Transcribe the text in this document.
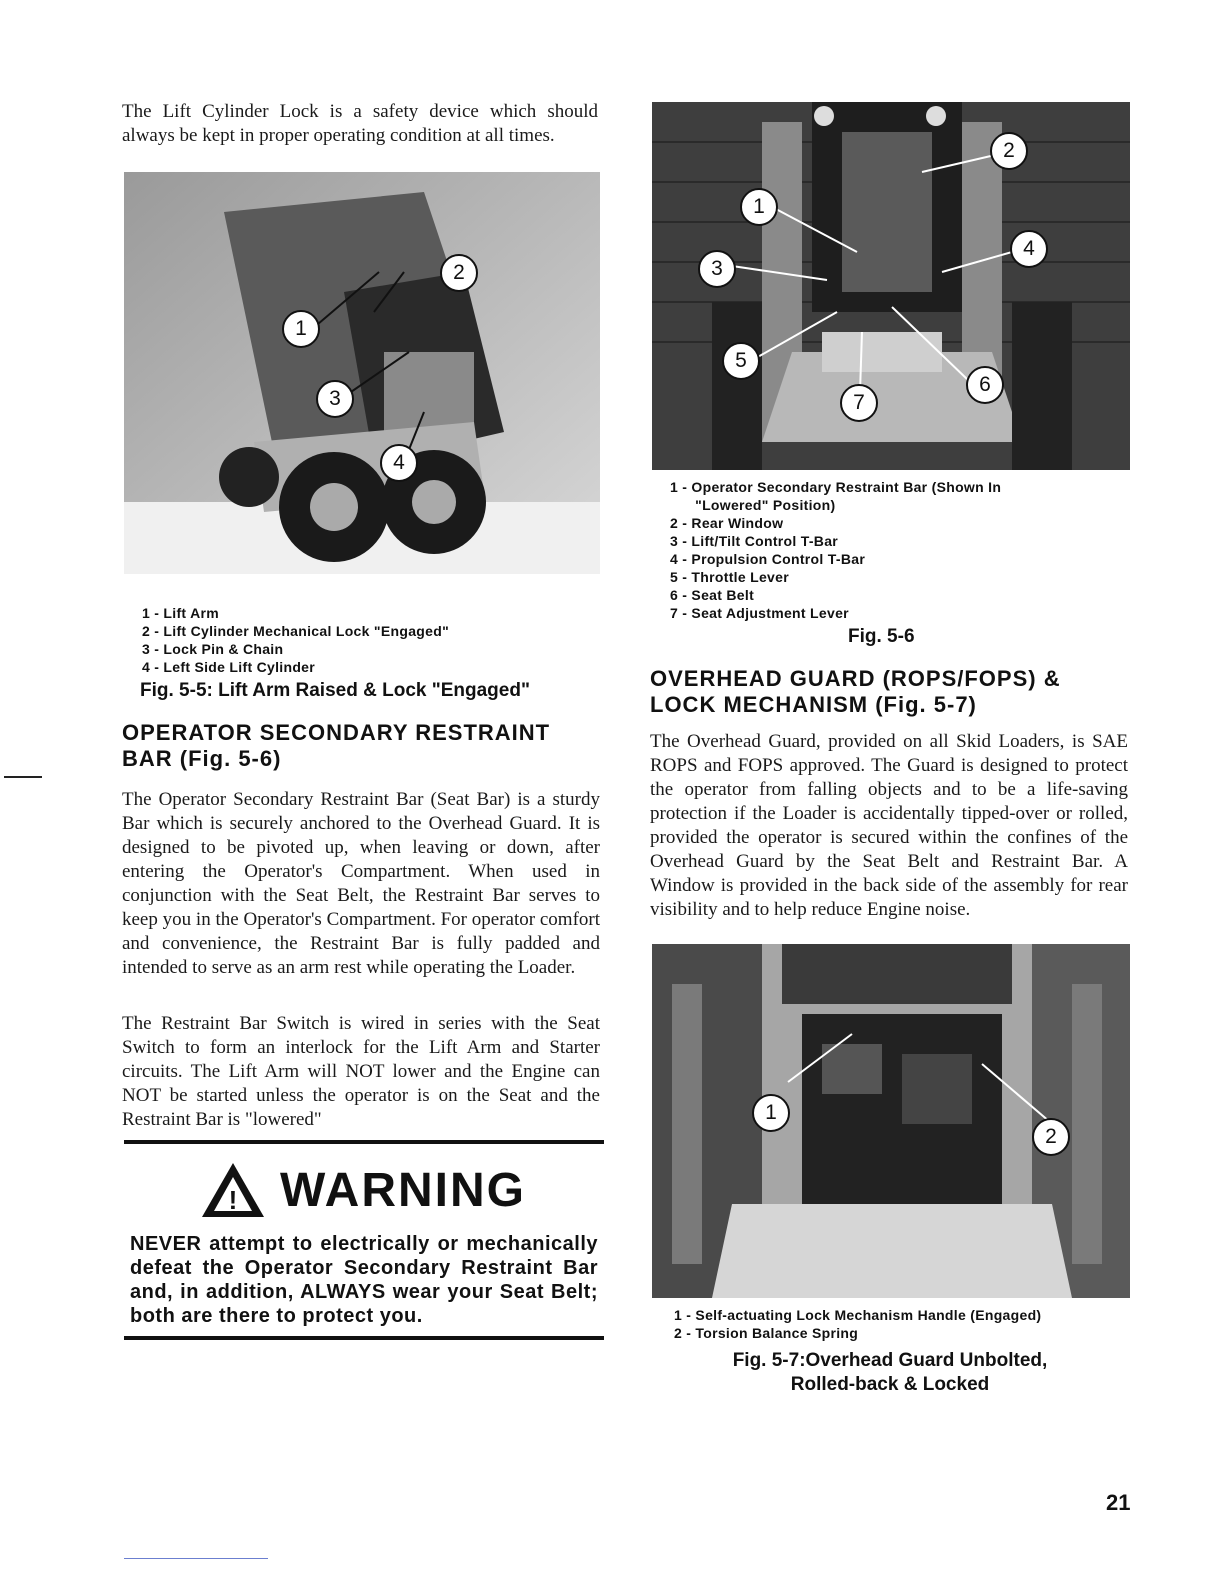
The Lift Cylinder Lock is a safety device which should always be kept in proper operating condition at all times.
1
2
3
4
1 - Lift Arm
2 - Lift Cylinder Mechanical Lock "Engaged"
3 - Lock Pin & Chain
4 - Left Side Lift Cylinder
Fig. 5-5: Lift Arm Raised & Lock "Engaged"
OPERATOR SECONDARY RESTRAINT
BAR (Fig. 5-6)
The Operator Secondary Restraint Bar (Seat Bar) is a sturdy Bar which is securely anchored to the Overhead Guard. It is designed to be pivoted up, when leaving or down, after entering the Operator's Compartment. When used in conjunction with the Seat Belt, the Restraint Bar serves to keep you in the Operator's Compartment. For operator comfort and convenience, the Restraint Bar is fully padded and intended to serve as an arm rest while operating the Loader.
The Restraint Bar Switch is wired in series with the Seat Switch to form an interlock for the Lift Arm and Starter circuits. The Lift Arm will NOT lower and the Engine can NOT be started unless the operator is on the Seat and the Restraint Bar is "lowered"
! WARNING
NEVER attempt to electrically or mechanically defeat the Operator Secondary Restraint Bar and, in addition, ALWAYS wear your Seat Belt; both are there to protect you.
1
2
3
4
5
6
7
1 - Operator Secondary Restraint Bar (Shown In
"Lowered" Position)
2 - Rear Window
3 - Lift/Tilt Control T-Bar
4 - Propulsion Control T-Bar
5 - Throttle Lever
6 - Seat Belt
7 - Seat Adjustment Lever
Fig. 5-6
OVERHEAD GUARD (ROPS/FOPS) &
LOCK MECHANISM (Fig. 5-7)
The Overhead Guard, provided on all Skid Loaders, is SAE ROPS and FOPS approved. The Guard is designed to protect the operator from falling objects and to be a life-saving protection if the Loader is accidentally tipped-over or rolled, provided the operator is secured within the confines of the Overhead Guard by the Seat Belt and Restraint Bar. A Window is provided in the back side of the assembly for rear visibility and to help reduce Engine noise.
1
2
1 - Self-actuating Lock Mechanism Handle (Engaged)
2 - Torsion Balance Spring
Fig. 5-7:Overhead Guard Unbolted,
Rolled-back & Locked
21
